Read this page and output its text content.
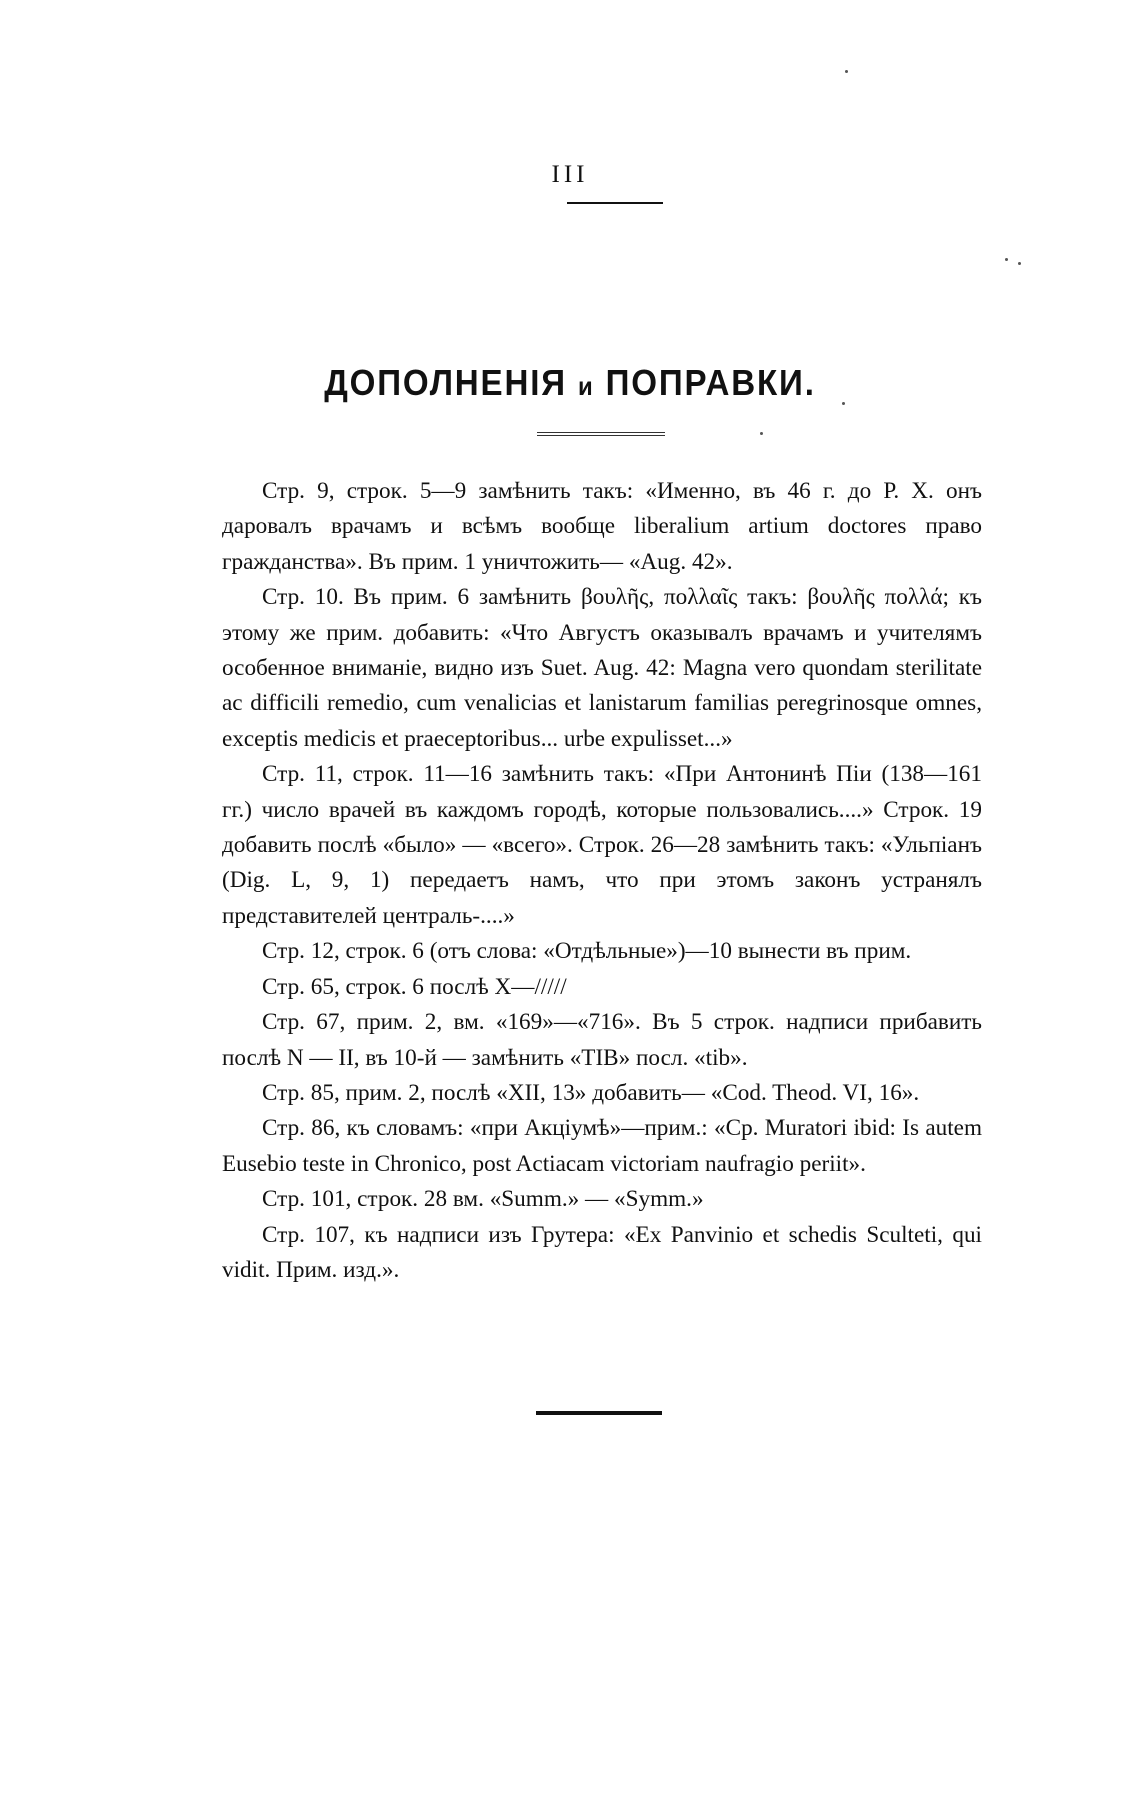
III
ДОПОЛНЕНІЯ и ПОПРАВКИ.

Стр. 9, строк. 5—9 замѣнить такъ: «Именно, въ 46 г. до Р. Х. онъ даровалъ врачамъ и всѣмъ вообще liberalium artium doctores право гражданства». Въ прим. 1 уничтожить— «Aug. 42».

Стр. 10. Въ прим. 6 замѣнить βουλῆς, πολλαῖς такъ: βουλῆς πολλά; къ этому же прим. добавить: «Что Августъ оказывалъ врачамъ и учителямъ особенное вниманіе, видно изъ Suet. Aug. 42: Magna vero quondam sterilitate ac difficili remedio, cum venalicias et lanistarum familias peregrinosque omnes, exceptis medicis et praeceptoribus... urbe expulisset...»

Стр. 11, строк. 11—16 замѣнить такъ: «При Антонинѣ Піи (138—161 гг.) число врачей въ каждомъ городѣ, которые пользовались....» Строк. 19 добавить послѣ «было» — «всего». Строк. 26—28 замѣнить такъ: «Ульпіанъ (Dig. L, 9, 1) передаетъ намъ, что при этомъ законъ устранялъ представителей централь-....»

Стр. 12, строк. 6 (отъ слова: «Отдѣльные»)—10 вынести въ прим.

Стр. 65, строк. 6 послѣ X—/////

Стр. 67, прим. 2, вм. «169»—«716». Въ 5 строк. надписи прибавить послѣ N — II, въ 10-й — замѣнить «TIB» посл. «tib».

Стр. 85, прим. 2, послѣ «XII, 13» добавить— «Cod. Theod. VI, 16».

Стр. 86, къ словамъ: «при Акціумѣ»—прим.: «Cp. Muratori ibid: Is autem Eusebio teste in Chronico, post Actiacam victoriam naufragio periit».

Стр. 101, строк. 28 вм. «Summ.» — «Symm.»

Стр. 107, къ надписи изъ Грутера: «Ex Panvinio et schedis Sculteti, qui vidit. Прим. изд.».
